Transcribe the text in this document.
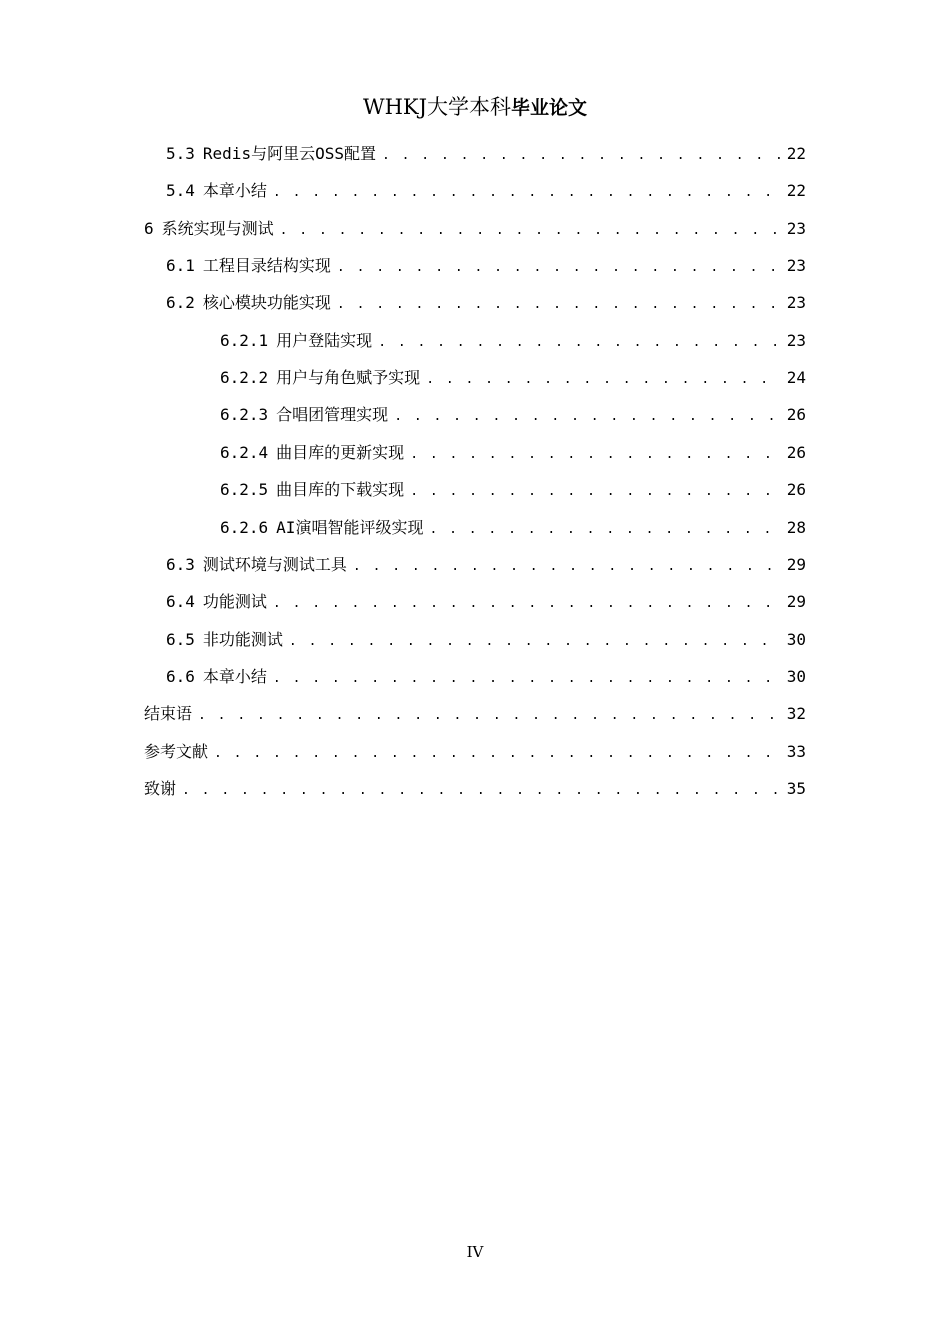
WHKJ大学本科毕业论文
5.3 Redis与阿里云OSS配置 . . .	22
5.4 本章小结 . . .	22
6 系统实现与测试 . . .	23
6.1 工程目录结构实现 . . .	23
6.2 核心模块功能实现 . . .	23
6.2.1 用户登陆实现 . . .	23
6.2.2 用户与角色赋予实现 . . .	24
6.2.3 合唱团管理实现 . . .	26
6.2.4 曲目库的更新实现 . . .	26
6.2.5 曲目库的下载实现 . . .	26
6.2.6 AI演唱智能评级实现 . . .	28
6.3 测试环境与测试工具 . . .	29
6.4 功能测试 . . .	29
6.5 非功能测试 . . .	30
6.6 本章小结 . . .	30
结束语 . . .	32
参考文献 . . .	33
致谢 . . .	35
IV
